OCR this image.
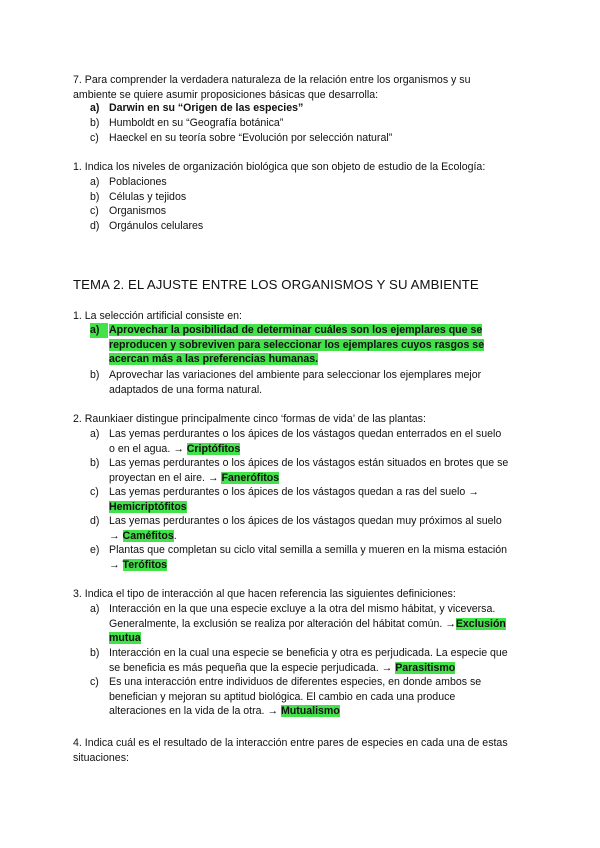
7. Para comprender la verdadera naturaleza de la relación entre los organismos y su
ambiente se quiere asumir proposiciones básicas que desarrolla:
a) Darwin en su “Origen de las especies”
b) Humboldt en su “Geografía botánica”
c) Haeckel en su teoría sobre “Evolución por selección natural”
1. Indica los niveles de organización biológica que son objeto de estudio de la Ecología:
a) Poblaciones
b) Células y tejidos
c) Organismos
d) Orgánulos celulares
TEMA 2. EL AJUSTE ENTRE LOS ORGANISMOS Y SU AMBIENTE
1. La selección artificial consiste en:
a) Aprovechar la posibilidad de determinar cuáles son los ejemplares que se
reproducen y sobreviven para seleccionar los ejemplares cuyos rasgos se
acercan más a las preferencias humanas.
b) Aprovechar las variaciones del ambiente para seleccionar los ejemplares mejor
adaptados de una forma natural.
2. Raunkiaer distingue principalmente cinco ‘formas de vida’ de las plantas:
a) Las yemas perdurantes o los ápices de los vástagos quedan enterrados en el suelo
o en el agua. → Criptófitos
b) Las yemas perdurantes o los ápices de los vástagos están situados en brotes que se
proyectan en el aire. → Fanerófitos
c) Las yemas perdurantes o los ápices de los vástagos quedan a ras del suelo →
Hemicriptófitos
d) Las yemas perdurantes o los ápices de los vástagos quedan muy próximos al suelo
→ Caméfitos.
e) Plantas que completan su ciclo vital semilla a semilla y mueren en la misma estación
→ Terófitos
3. Indica el tipo de interacción al que hacen referencia las siguientes definiciones:
a) Interacción en la que una especie excluye a la otra del mismo hábitat, y viceversa.
Generalmente, la exclusión se realiza por alteración del hábitat común. →Exclusión
mutua
b) Interacción en la cual una especie se beneficia y otra es perjudicada. La especie que
se beneficia es más pequeña que la especie perjudicada. → Parasitismo
c) Es una interacción entre individuos de diferentes especies, en donde ambos se
benefician y mejoran su aptitud biológica. El cambio en cada una produce
alteraciones en la vida de la otra. → Mutualismo
4. Indica cuál es el resultado de la interacción entre pares de especies en cada una de estas
situaciones:
